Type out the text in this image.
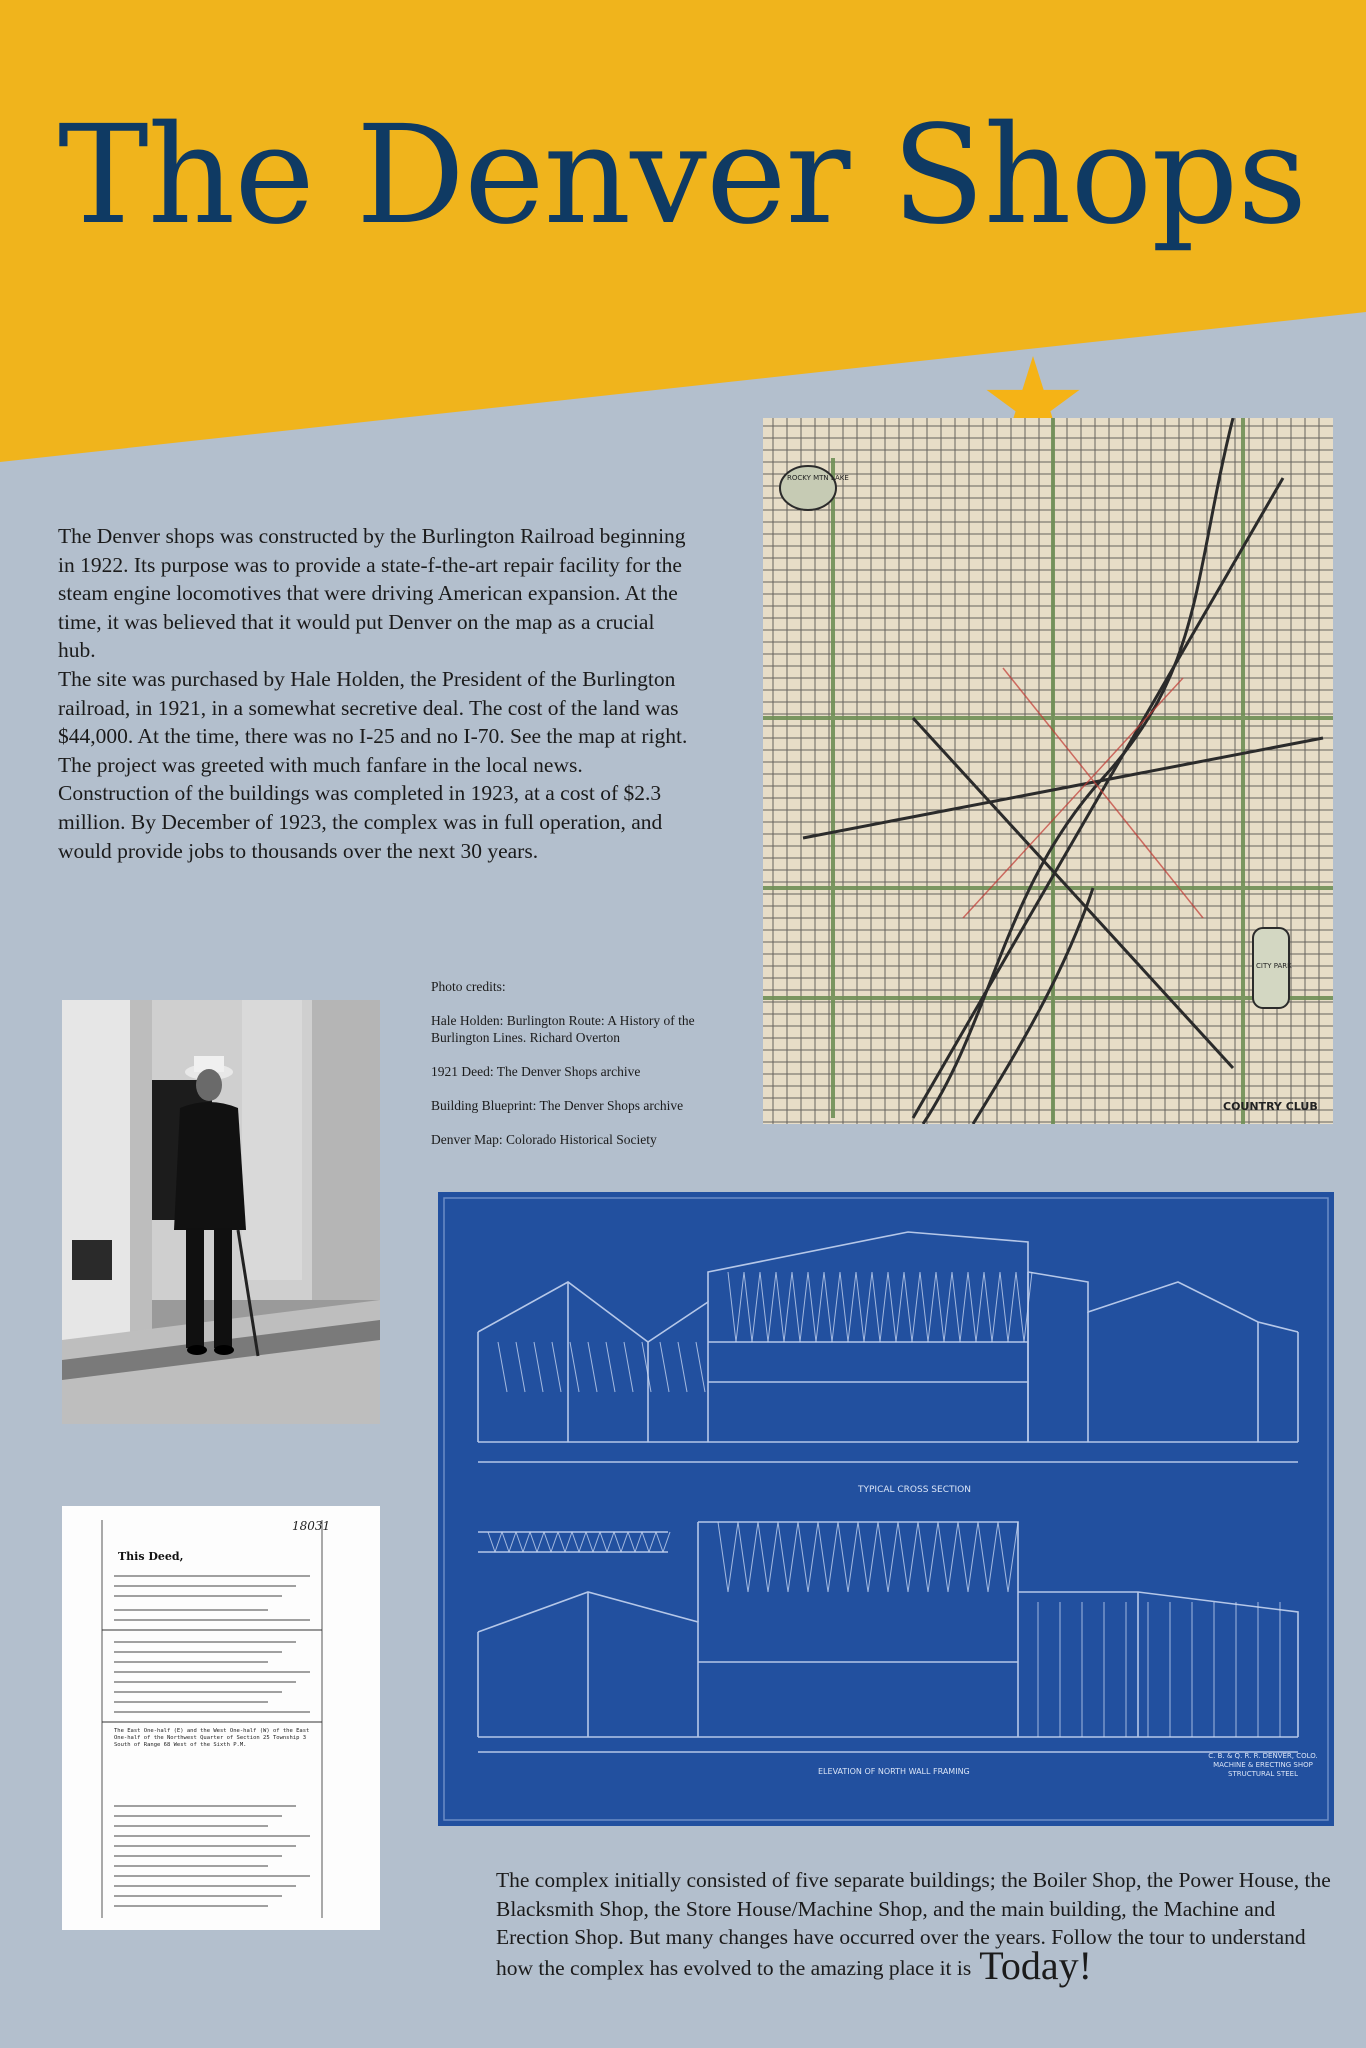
The Denver Shops

The Denver shops was constructed by the Burlington Railroad beginning in 1922. Its purpose was to provide a state-f-the-art repair facility for the steam engine locomotives that were driving American expansion. At the time, it was believed that it would put Denver on the map as a crucial hub.

The site was purchased by Hale Holden, the President of the Burlington railroad, in 1921, in a somewhat secretive deal. The cost of the land was $44,000. At the time, there was no I-25 and no I-70. See the map at right.

The project was greeted with much fanfare in the local news. Construction of the buildings was completed in 1923, at a cost of $2.3 million. By December of 1923, the complex was in full operation, and would provide jobs to thousands over the next 30 years.

Photo credits:

Hale Holden: Burlington Route: A History of the Burlington Lines. Richard Overton

1921 Deed: The Denver Shops archive

Building Blueprint: The Denver Shops archive

Denver Map: Colorado Historical Society

ROCKY MTN LAKE
CITY PARK
COUNTRY CLUB
18031
This Deed,
The East One-half (E) and the West One-half (W) of the East One-half of the Northwest Quarter of Section 25 Township 3 South of Range 68 West of the Sixth P.M.
TYPICAL CROSS SECTION
ELEVATION OF NORTH WALL FRAMING
C. B. & Q. R. R. DENVER, COLO. MACHINE & ERECTING SHOP STRUCTURAL STEEL
The complex initially consisted of five separate buildings; the Boiler Shop, the Power House, the Blacksmith Shop, the Store House/Machine Shop, and the main building, the Machine and Erection Shop. But many changes have occurred over the years. Follow the tour to understand how the complex has evolved to the amazing place it is Today!
